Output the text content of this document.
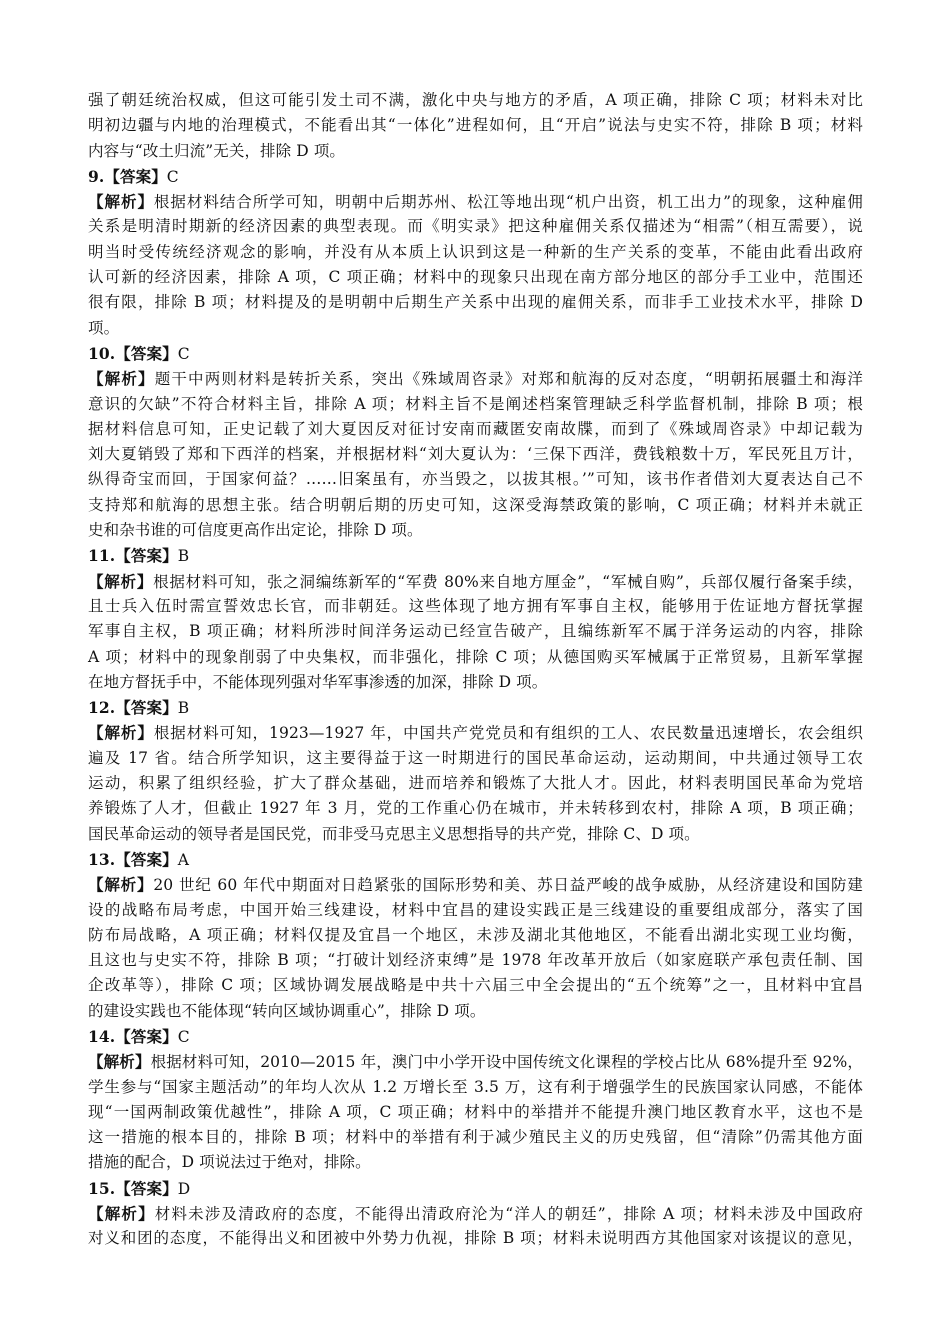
强了朝廷统治权威，但这可能引发土司不满，激化中央与地方的矛盾，A 项正确，排除 C 项；材料未对比
明初边疆与内地的治理模式，不能看出其“一体化”进程如何，且“开启”说法与史实不符，排除 B 项；材料
内容与“改土归流”无关，排除 D 项。
9.【答案】C
【解析】根据材料结合所学可知，明朝中后期苏州、松江等地出现“机户出资，机工出力”的现象，这种雇佣
关系是明清时期新的经济因素的典型表现。而《明实录》把这种雇佣关系仅描述为“相需”（相互需要），说
明当时受传统经济观念的影响，并没有从本质上认识到这是一种新的生产关系的变革，不能由此看出政府
认可新的经济因素，排除 A 项，C 项正确；材料中的现象只出现在南方部分地区的部分手工业中，范围还
很有限，排除 B 项；材料提及的是明朝中后期生产关系中出现的雇佣关系，而非手工业技术水平，排除 D
项。
10.【答案】C
【解析】题干中两则材料是转折关系，突出《殊域周咨录》对郑和航海的反对态度，“明朝拓展疆土和海洋
意识的欠缺”不符合材料主旨，排除 A 项；材料主旨不是阐述档案管理缺乏科学监督机制，排除 B 项；根
据材料信息可知，正史记载了刘大夏因反对征讨安南而藏匿安南故牒，而到了《殊域周咨录》中却记载为
刘大夏销毁了郑和下西洋的档案，并根据材料“刘大夏认为：‘三保下西洋，费钱粮数十万，军民死且万计，
纵得奇宝而回，于国家何益？……旧案虽有，亦当毁之，以拔其根。’”可知，该书作者借刘大夏表达自己不
支持郑和航海的思想主张。结合明朝后期的历史可知，这深受海禁政策的影响，C 项正确；材料并未就正
史和杂书谁的可信度更高作出定论，排除 D 项。
11.【答案】B
【解析】根据材料可知，张之洞编练新军的“军费 80%来自地方厘金”，“军械自购”，兵部仅履行备案手续，
且士兵入伍时需宣誓效忠长官，而非朝廷。这些体现了地方拥有军事自主权，能够用于佐证地方督抚掌握
军事自主权，B 项正确；材料所涉时间洋务运动已经宣告破产，且编练新军不属于洋务运动的内容，排除
A 项；材料中的现象削弱了中央集权，而非强化，排除 C 项；从德国购买军械属于正常贸易，且新军掌握
在地方督抚手中，不能体现列强对华军事渗透的加深，排除 D 项。
12.【答案】B
【解析】根据材料可知，1923—1927 年，中国共产党党员和有组织的工人、农民数量迅速增长，农会组织
遍及 17 省。结合所学知识，这主要得益于这一时期进行的国民革命运动，运动期间，中共通过领导工农
运动，积累了组织经验，扩大了群众基础，进而培养和锻炼了大批人才。因此，材料表明国民革命为党培
养锻炼了人才，但截止 1927 年 3 月，党的工作重心仍在城市，并未转移到农村，排除 A 项，B 项正确；
国民革命运动的领导者是国民党，而非受马克思主义思想指导的共产党，排除 C、D 项。
13.【答案】A
【解析】20 世纪 60 年代中期面对日趋紧张的国际形势和美、苏日益严峻的战争威胁，从经济建设和国防建
设的战略布局考虑，中国开始三线建设，材料中宜昌的建设实践正是三线建设的重要组成部分，落实了国
防布局战略，A 项正确；材料仅提及宜昌一个地区，未涉及湖北其他地区，不能看出湖北实现工业均衡，
且这也与史实不符，排除 B 项；“打破计划经济束缚”是 1978 年改革开放后（如家庭联产承包责任制、国
企改革等），排除 C 项；区域协调发展战略是中共十六届三中全会提出的“五个统筹”之一，且材料中宜昌
的建设实践也不能体现“转向区域协调重心”，排除 D 项。
14.【答案】C
【解析】根据材料可知，2010—2015 年，澳门中小学开设中国传统文化课程的学校占比从 68%提升至 92%，
学生参与“国家主题活动”的年均人次从 1.2 万增长至 3.5 万，这有利于增强学生的民族国家认同感，不能体
现“一国两制政策优越性”，排除 A 项，C 项正确；材料中的举措并不能提升澳门地区教育水平，这也不是
这一措施的根本目的，排除 B 项；材料中的举措有利于减少殖民主义的历史残留，但“清除”仍需其他方面
措施的配合，D 项说法过于绝对，排除。
15.【答案】D
【解析】材料未涉及清政府的态度，不能得出清政府沦为“洋人的朝廷”，排除 A 项；材料未涉及中国政府
对义和团的态度，不能得出义和团被中外势力仇视，排除 B 项；材料未说明西方其他国家对该提议的意见，
